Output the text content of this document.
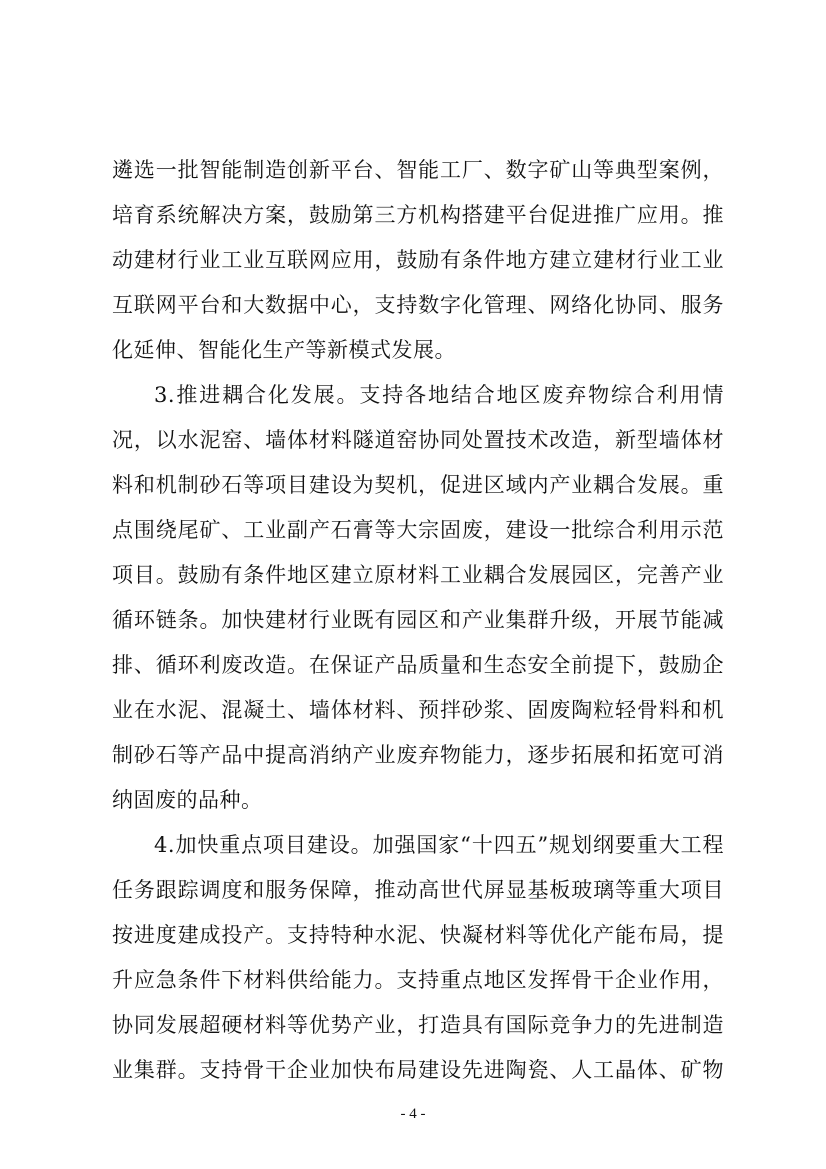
遴选一批智能制造创新平台、智能工厂、数字矿山等典型案例，
培育系统解决方案，鼓励第三方机构搭建平台促进推广应用。推
动建材行业工业互联网应用，鼓励有条件地方建立建材行业工业
互联网平台和大数据中心，支持数字化管理、网络化协同、服务
化延伸、智能化生产等新模式发展。
3.推进耦合化发展。支持各地结合地区废弃物综合利用情
况，以水泥窑、墙体材料隧道窑协同处置技术改造，新型墙体材
料和机制砂石等项目建设为契机，促进区域内产业耦合发展。重
点围绕尾矿、工业副产石膏等大宗固废，建设一批综合利用示范
项目。鼓励有条件地区建立原材料工业耦合发展园区，完善产业
循环链条。加快建材行业既有园区和产业集群升级，开展节能减
排、循环利废改造。在保证产品质量和生态安全前提下，鼓励企
业在水泥、混凝土、墙体材料、预拌砂浆、固废陶粒轻骨料和机
制砂石等产品中提高消纳产业废弃物能力，逐步拓展和拓宽可消
纳固废的品种。
4.加快重点项目建设。加强国家“十四五”规划纲要重大工程
任务跟踪调度和服务保障，推动高世代屏显基板玻璃等重大项目
按进度建成投产。支持特种水泥、快凝材料等优化产能布局，提
升应急条件下材料供给能力。支持重点地区发挥骨干企业作用，
协同发展超硬材料等优势产业，打造具有国际竞争力的先进制造
业集群。支持骨干企业加快布局建设先进陶瓷、人工晶体、矿物
- 4 -
